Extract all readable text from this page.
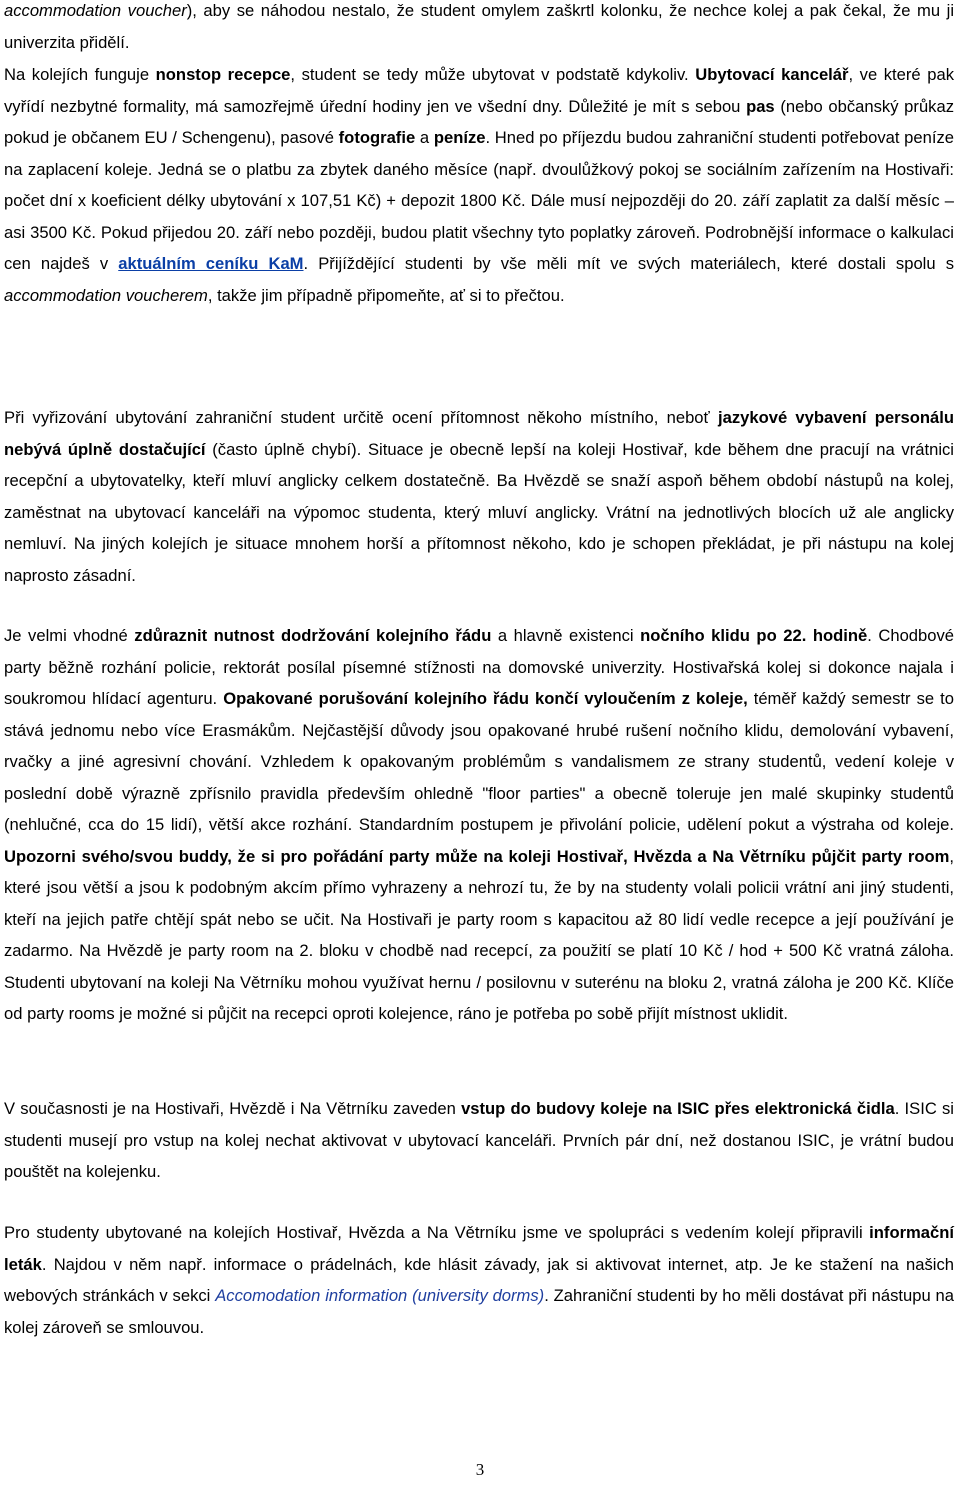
accommodation voucher), aby se náhodou nestalo, že student omylem zaškrtl kolonku, že nechce kolej a pak čekal, že mu ji univerzita přidělí.

Na kolejích funguje nonstop recepce, student se tedy může ubytovat v podstatě kdykoliv. Ubytovací kancelář, ve které pak vyřídí nezbytné formality, má samozřejmě úřední hodiny jen ve všední dny. Důležité je mít s sebou pas (nebo občanský průkaz pokud je občanem EU / Schengenu), pasové fotografie a peníze. Hned po příjezdu budou zahraniční studenti potřebovat peníze na zaplacení koleje. Jedná se o platbu za zbytek daného měsíce (např. dvoulůžkový pokoj se sociálním zařízením na Hostivaři: počet dní x koeficient délky ubytování x 107,51 Kč) + depozit 1800 Kč. Dále musí nejpozději do 20. září zaplatit za další měsíc – asi 3500 Kč. Pokud přijedou 20. září nebo později, budou platit všechny tyto poplatky zároveň. Podrobnější informace o kalkulaci cen najdeš v aktuálním ceníku KaM. Přijíždějící studenti by vše měli mít ve svých materiálech, které dostali spolu s accommodation voucherem, takže jim případně připomeňte, ať si to přečtou.

Při vyřizování ubytování zahraniční student určitě ocení přítomnost někoho místního, neboť jazykové vybavení personálu nebývá úplně dostačující (často úplně chybí). Situace je obecně lepší na koleji Hostivař, kde během dne pracují na vrátnici recepční a ubytovatelky, kteří mluví anglicky celkem dostatečně. Ba Hvězdě se snaží aspoň během období nástupů na kolej, zaměstnat na ubytovací kanceláři na výpomoc studenta, který mluví anglicky. Vrátní na jednotlivých blocích už ale anglicky nemluví. Na jiných kolejích je situace mnohem horší a přítomnost někoho, kdo je schopen překládat, je při nástupu na kolej naprosto zásadní.

Je velmi vhodné zdůraznit nutnost dodržování kolejního řádu a hlavně existenci nočního klidu po 22. hodině. Chodbové party běžně rozhání policie, rektorát posílal písemné stížnosti na domovské univerzity. Hostivařská kolej si dokonce najala i soukromou hlídací agenturu. Opakované porušování kolejního řádu končí vyloučením z koleje, téměř každý semestr se to stává jednomu nebo více Erasmákům. Nejčastější důvody jsou opakované hrubé rušení nočního klidu, demolování vybavení, rvačky a jiné agresivní chování. Vzhledem k opakovaným problémům s vandalismem ze strany studentů, vedení koleje v poslední době výrazně zpřísnilo pravidla především ohledně "floor parties" a obecně toleruje jen malé skupinky studentů (nehlučné, cca do 15 lidí), větší akce rozhání. Standardním postupem je přivolání policie, udělení pokut a výstraha od koleje. Upozorni svého/svou buddy, že si pro pořádání party může na koleji Hostivař, Hvězda a Na Větrníku půjčit party room, které jsou větší a jsou k podobným akcím přímo vyhrazeny a nehrozí tu, že by na studenty volali policii vrátní ani jiný studenti, kteří na jejich patře chtějí spát nebo se učit. Na Hostivaři je party room s kapacitou až 80 lidí vedle recepce a její používání je zadarmo. Na Hvězdě je party room na 2. bloku v chodbě nad recepcí, za použití se platí 10 Kč / hod + 500 Kč vratná záloha. Studenti ubytovaní na koleji Na Větrníku mohou využívat hernu / posilovnu v suterénu na bloku 2, vratná záloha je 200 Kč. Klíče od party rooms je možné si půjčit na recepci oproti kolejence, ráno je potřeba po sobě přijít místnost uklidit.

V současnosti je na Hostivaři, Hvězdě i Na Větrníku zaveden vstup do budovy koleje na ISIC přes elektronická čidla. ISIC si studenti musejí pro vstup na kolej nechat aktivovat v ubytovací kanceláři. Prvních pár dní, než dostanou ISIC, je vrátní budou pouštět na kolejenku.

Pro studenty ubytované na kolejích Hostivař, Hvězda a Na Větrníku jsme ve spolupráci s vedením kolejí připravili informační leták. Najdou v něm např. informace o prádelnách, kde hlásit závady, jak si aktivovat internet, atp. Je ke stažení na našich webových stránkách v sekci Accomodation information (university dorms). Zahraniční studenti by ho měli dostávat při nástupu na kolej zároveň se smlouvou.

3
